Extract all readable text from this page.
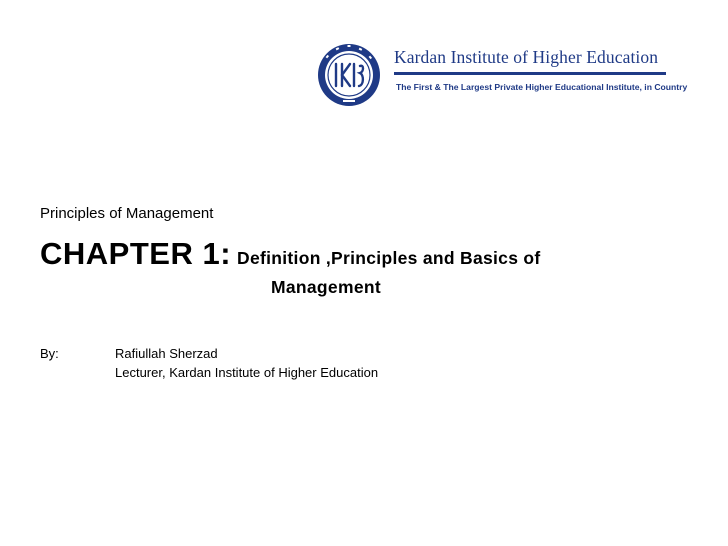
Kardan Institute of Higher Education
The First & The Largest Private Higher Educational Institute, in Country
Principles of Management
CHAPTER 1: Definition ,Principles and Basics of
Management
By:	Rafiullah Sherzad
Lecturer, Kardan Institute of Higher Education
